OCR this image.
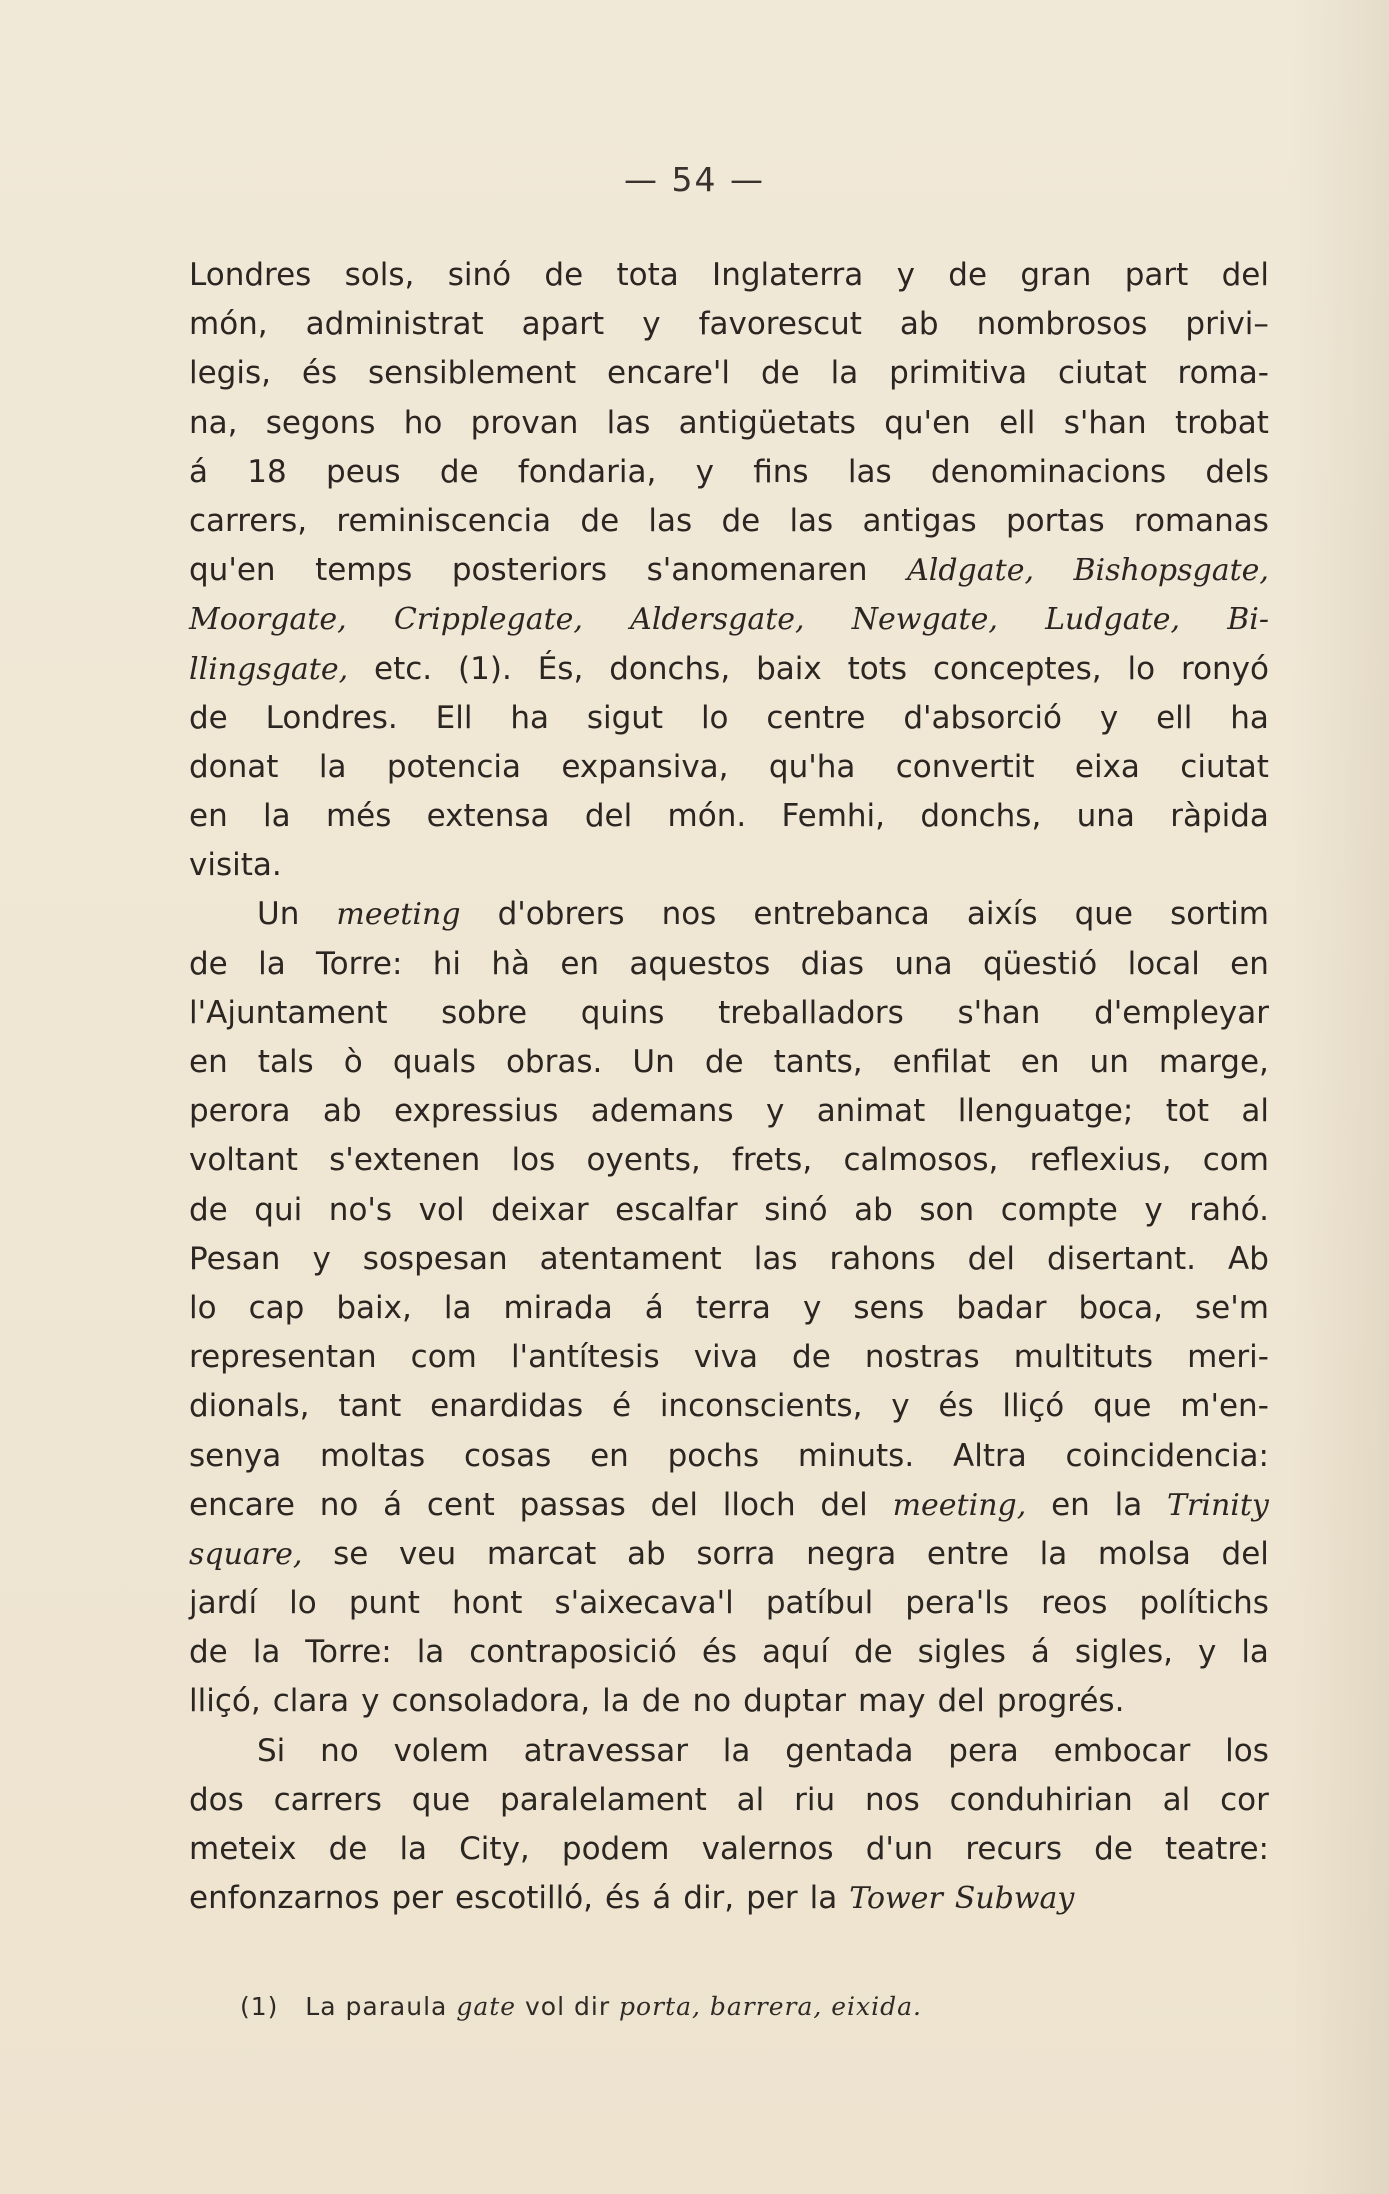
— 54 —
Londres sols, sinó de tota Inglaterra y de gran part del
món, administrat apart y favorescut ab nombrosos privi–
legis, és sensiblement encare'l de la primitiva ciutat roma-
na, segons ho provan las antigüetats qu'en ell s'han trobat
á 18 peus de fondaria, y fins las denominacions dels
carrers, reminiscencia de las de las antigas portas romanas
qu'en temps posteriors s'anomenaren Aldgate, Bishopsgate,
Moorgate, Cripplegate, Aldersgate, Newgate, Ludgate, Bi-
llingsgate, etc. (1). És, donchs, baix tots conceptes, lo ronyó
de Londres. Ell ha sigut lo centre d'absorció y ell ha
donat la potencia expansiva, qu'ha convertit eixa ciutat
en la més extensa del món. Femhi, donchs, una ràpida
visita.
Un meeting d'obrers nos entrebanca aixís que sortim
de la Torre: hi hà en aquestos dias una qüestió local en
l'Ajuntament sobre quins treballadors s'han d'empleyar
en tals ò quals obras. Un de tants, enfilat en un marge,
perora ab expressius ademans y animat llenguatge; tot al
voltant s'extenen los oyents, frets, calmosos, reflexius, com
de qui no's vol deixar escalfar sinó ab son compte y rahó.
Pesan y sospesan atentament las rahons del disertant. Ab
lo cap baix, la mirada á terra y sens badar boca, se'm
representan com l'antítesis viva de nostras multituts meri-
dionals, tant enardidas é inconscients, y és lliçó que m'en-
senya moltas cosas en pochs minuts. Altra coincidencia:
encare no á cent passas del lloch del meeting, en la Trinity
square, se veu marcat ab sorra negra entre la molsa del
jardí lo punt hont s'aixecava'l patíbul pera'ls reos polítichs
de la Torre: la contraposició és aquí de sigles á sigles, y la
lliçó, clara y consoladora, la de no duptar may del progrés.
Si no volem atravessar la gentada pera embocar los
dos carrers que paralelament al riu nos conduhirian al cor
meteix de la City, podem valernos d'un recurs de teatre:
enfonzarnos per escotilló, és á dir, per la Tower Subway
(1) La paraula gate vol dir porta, barrera, eixida.
